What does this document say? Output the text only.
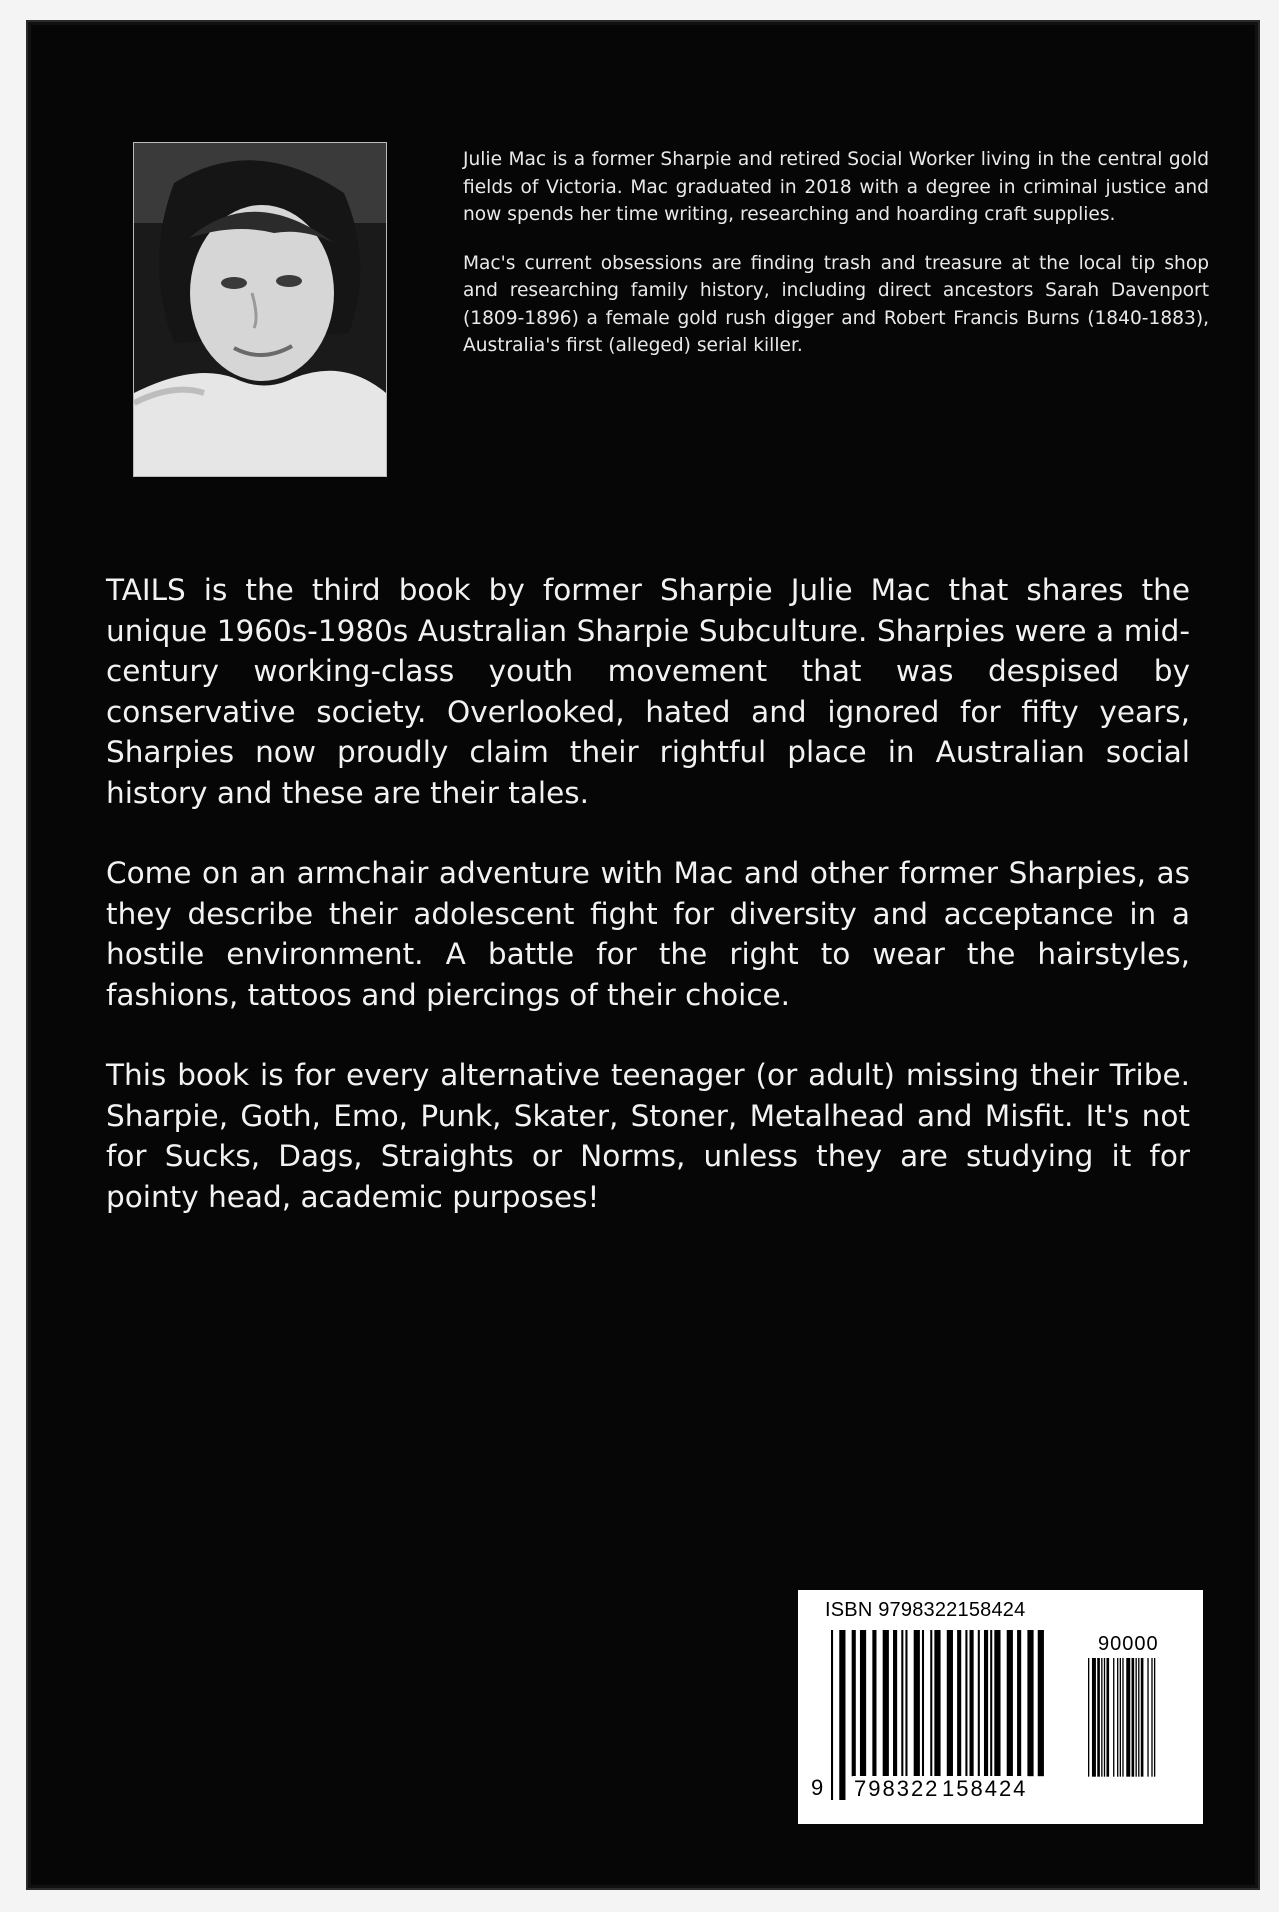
Julie Mac is a former Sharpie and retired Social Worker living in the central gold fields of Victoria. Mac graduated in 2018 with a degree in criminal justice and now spends her time writing, researching and hoarding craft supplies.

Mac's current obsessions are finding trash and treasure at the local tip shop and researching family history, including direct ancestors Sarah Davenport (1809-1896) a female gold rush digger and Robert Francis Burns (1840-1883), Australia's first (alleged) serial killer.

TAILS is the third book by former Sharpie Julie Mac that shares the unique 1960s-1980s Australian Sharpie Subculture. Sharpies were a mid-century working-class youth movement that was despised by conservative society. Overlooked, hated and ignored for fifty years, Sharpies now proudly claim their rightful place in Australian social history and these are their tales.

Come on an armchair adventure with Mac and other former Sharpies, as they describe their adolescent fight for diversity and acceptance in a hostile environment. A battle for the right to wear the hairstyles, fashions, tattoos and piercings of their choice.

This book is for every alternative teenager (or adult) missing their Tribe. Sharpie, Goth, Emo, Punk, Skater, Stoner, Metalhead and Misfit. It's not for Sucks, Dags, Straights or Norms, unless they are studying it for pointy head, academic purposes!

ISBN 9798322158424
90000
9 798322 158424
